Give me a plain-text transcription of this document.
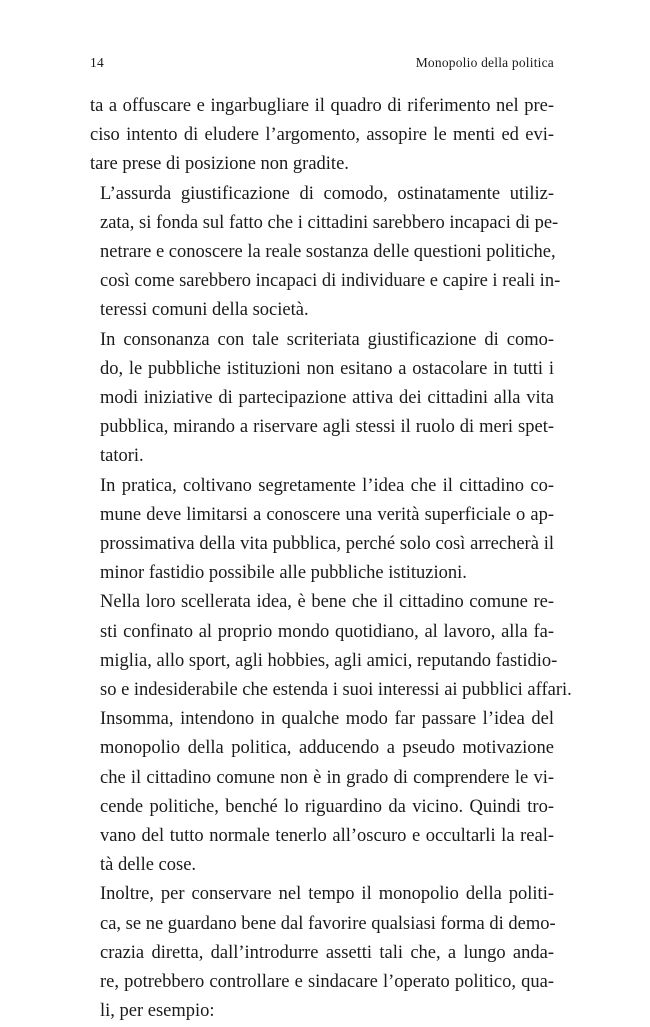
14	Monopolio della politica

ta a offuscare e ingarbugliare il quadro di riferimento nel pre-
ciso intento di eludere l’argomento, assopire le menti ed evi-
tare prese di posizione non gradite.

L’assurda giustificazione di comodo, ostinatamente utiliz-
zata, si fonda sul fatto che i cittadini sarebbero incapaci di pe-
netrare e conoscere la reale sostanza delle questioni politiche,
così come sarebbero incapaci di individuare e capire i reali in-
teressi comuni della società.

In consonanza con tale scriteriata giustificazione di como-
do, le pubbliche istituzioni non esitano a ostacolare in tutti i
modi iniziative di partecipazione attiva dei cittadini alla vita
pubblica, mirando a riservare agli stessi il ruolo di meri spet-
tatori.

In pratica, coltivano segretamente l’idea che il cittadino co-
mune deve limitarsi a conoscere una verità superficiale o ap-
prossimativa della vita pubblica, perché solo così arrecherà il
minor fastidio possibile alle pubbliche istituzioni.

Nella loro scellerata idea, è bene che il cittadino comune re-
sti confinato al proprio mondo quotidiano, al lavoro, alla fa-
miglia, allo sport, agli hobbies, agli amici, reputando fastidio-
so e indesiderabile che estenda i suoi interessi ai pubblici affari.

Insomma, intendono in qualche modo far passare l’idea del
monopolio della politica, adducendo a pseudo motivazione
che il cittadino comune non è in grado di comprendere le vi-
cende politiche, benché lo riguardino da vicino. Quindi tro-
vano del tutto normale tenerlo all’oscuro e occultarli la real-
tà delle cose.

Inoltre, per conservare nel tempo il monopolio della politi-
ca, se ne guardano bene dal favorire qualsiasi forma di demo-
crazia diretta, dall’introdurre assetti tali che, a lungo anda-
re, potrebbero controllare e sindacare l’operato politico, qua-
li, per esempio:
